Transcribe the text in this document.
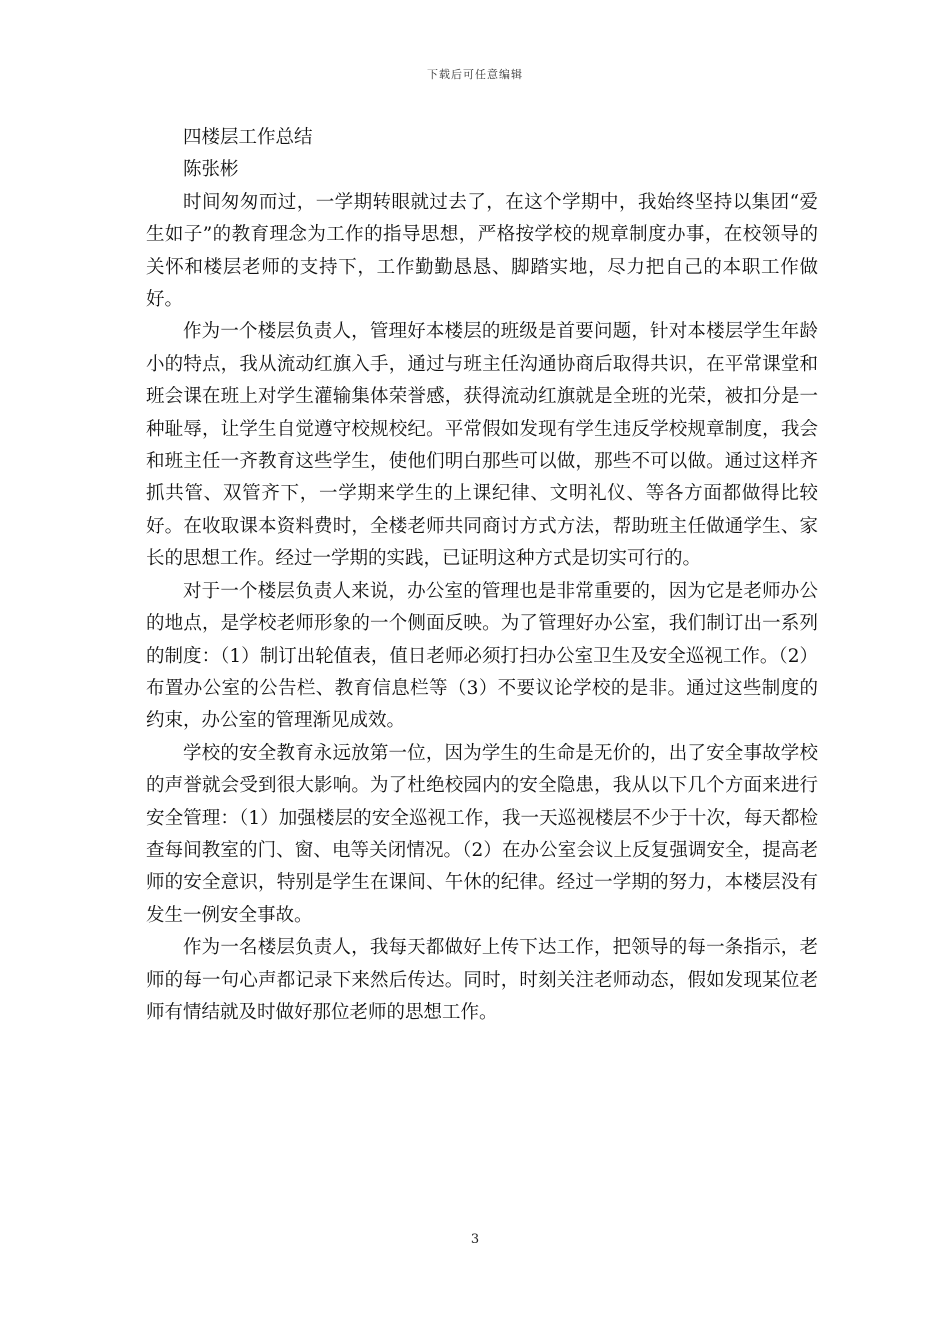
下载后可任意编辑

四楼层工作总结

陈张彬

时间匆匆而过，一学期转眼就过去了，在这个学期中，我始终坚持以集团“爱生如子”的教育理念为工作的指导思想，严格按学校的规章制度办事，在校领导的关怀和楼层老师的支持下，工作勤勤恳恳、脚踏实地，尽力把自己的本职工作做好。

作为一个楼层负责人，管理好本楼层的班级是首要问题，针对本楼层学生年龄小的特点，我从流动红旗入手，通过与班主任沟通协商后取得共识，在平常课堂和班会课在班上对学生灌输集体荣誉感，获得流动红旗就是全班的光荣，被扣分是一种耻辱，让学生自觉遵守校规校纪。平常假如发现有学生违反学校规章制度，我会和班主任一齐教育这些学生，使他们明白那些可以做，那些不可以做。通过这样齐抓共管、双管齐下，一学期来学生的上课纪律、文明礼仪、等各方面都做得比较好。在收取课本资料费时，全楼老师共同商讨方式方法，帮助班主任做通学生、家长的思想工作。经过一学期的实践，已证明这种方式是切实可行的。

对于一个楼层负责人来说，办公室的管理也是非常重要的，因为它是老师办公的地点，是学校老师形象的一个侧面反映。为了管理好办公室，我们制订出一系列的制度：（1）制订出轮值表，值日老师必须打扫办公室卫生及安全巡视工作。（2）布置办公室的公告栏、教育信息栏等（3）不要议论学校的是非。通过这些制度的约束，办公室的管理渐见成效。

学校的安全教育永远放第一位，因为学生的生命是无价的，出了安全事故学校的声誉就会受到很大影响。为了杜绝校园内的安全隐患，我从以下几个方面来进行安全管理：（1）加强楼层的安全巡视工作，我一天巡视楼层不少于十次，每天都检查每间教室的门、窗、电等关闭情况。（2）在办公室会议上反复强调安全，提高老师的安全意识，特别是学生在课间、午休的纪律。经过一学期的努力，本楼层没有发生一例安全事故。

作为一名楼层负责人，我每天都做好上传下达工作，把领导的每一条指示，老师的每一句心声都记录下来然后传达。同时，时刻关注老师动态，假如发现某位老师有情结就及时做好那位老师的思想工作。

3
